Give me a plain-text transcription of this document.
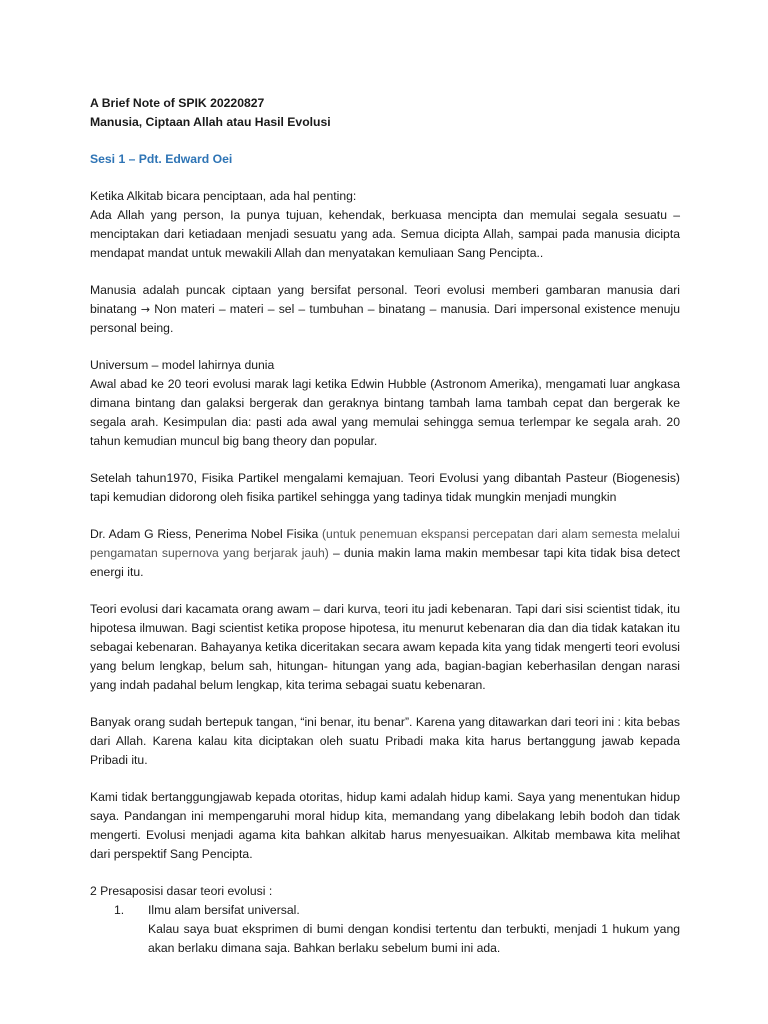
A Brief Note of SPIK 20220827
Manusia, Ciptaan Allah atau Hasil Evolusi
Sesi 1 – Pdt. Edward Oei
Ketika Alkitab bicara penciptaan, ada hal penting:

Ada Allah yang person, Ia punya tujuan, kehendak, berkuasa mencipta dan memulai segala sesuatu – menciptakan dari ketiadaan menjadi sesuatu yang ada. Semua dicipta Allah, sampai pada manusia dicipta mendapat mandat untuk mewakili Allah dan menyatakan kemuliaan Sang Pencipta..

Manusia adalah puncak ciptaan yang bersifat personal. Teori evolusi memberi gambaran manusia dari binatang → Non materi – materi – sel – tumbuhan – binatang – manusia. Dari impersonal existence menuju personal being.

Universum – model lahirnya dunia

Awal abad ke 20 teori evolusi marak lagi ketika Edwin Hubble (Astronom Amerika), mengamati luar angkasa dimana bintang dan galaksi bergerak dan geraknya bintang tambah lama tambah cepat dan bergerak ke segala arah. Kesimpulan dia: pasti ada awal yang memulai sehingga semua terlempar ke segala arah. 20 tahun kemudian muncul big bang theory dan popular.

Setelah tahun1970, Fisika Partikel mengalami kemajuan. Teori Evolusi yang dibantah Pasteur (Biogenesis) tapi kemudian didorong oleh fisika partikel sehingga yang tadinya tidak mungkin menjadi mungkin

Dr. Adam G Riess, Penerima Nobel Fisika (untuk penemuan ekspansi percepatan dari alam semesta melalui pengamatan supernova yang berjarak jauh) – dunia makin lama makin membesar tapi kita tidak bisa detect energi itu.

Teori evolusi dari kacamata orang awam – dari kurva, teori itu jadi kebenaran. Tapi dari sisi scientist tidak, itu hipotesa ilmuwan. Bagi scientist ketika propose hipotesa, itu menurut kebenaran dia dan dia tidak katakan itu sebagai kebenaran. Bahayanya ketika diceritakan secara awam kepada kita yang tidak mengerti teori evolusi yang belum lengkap, belum sah, hitungan- hitungan yang ada, bagian-bagian keberhasilan dengan narasi yang indah padahal belum lengkap, kita terima sebagai suatu kebenaran.

Banyak orang sudah bertepuk tangan, “ini benar, itu benar”. Karena yang ditawarkan dari teori ini : kita bebas dari Allah. Karena kalau kita diciptakan oleh suatu Pribadi maka kita harus bertanggung jawab kepada Pribadi itu.

Kami tidak bertanggungjawab kepada otoritas, hidup kami adalah hidup kami. Saya yang menentukan hidup saya. Pandangan ini mempengaruhi moral hidup kita, memandang yang dibelakang lebih bodoh dan tidak mengerti. Evolusi menjadi agama kita bahkan alkitab harus menyesuaikan. Alkitab membawa kita melihat dari perspektif Sang Pencipta.

2 Presaposisi dasar teori evolusi :
1.	Ilmu alam bersifat universal.
Kalau saya buat eksprimen di bumi dengan kondisi tertentu dan terbukti, menjadi 1 hukum yang akan berlaku dimana saja. Bahkan berlaku sebelum bumi ini ada.
